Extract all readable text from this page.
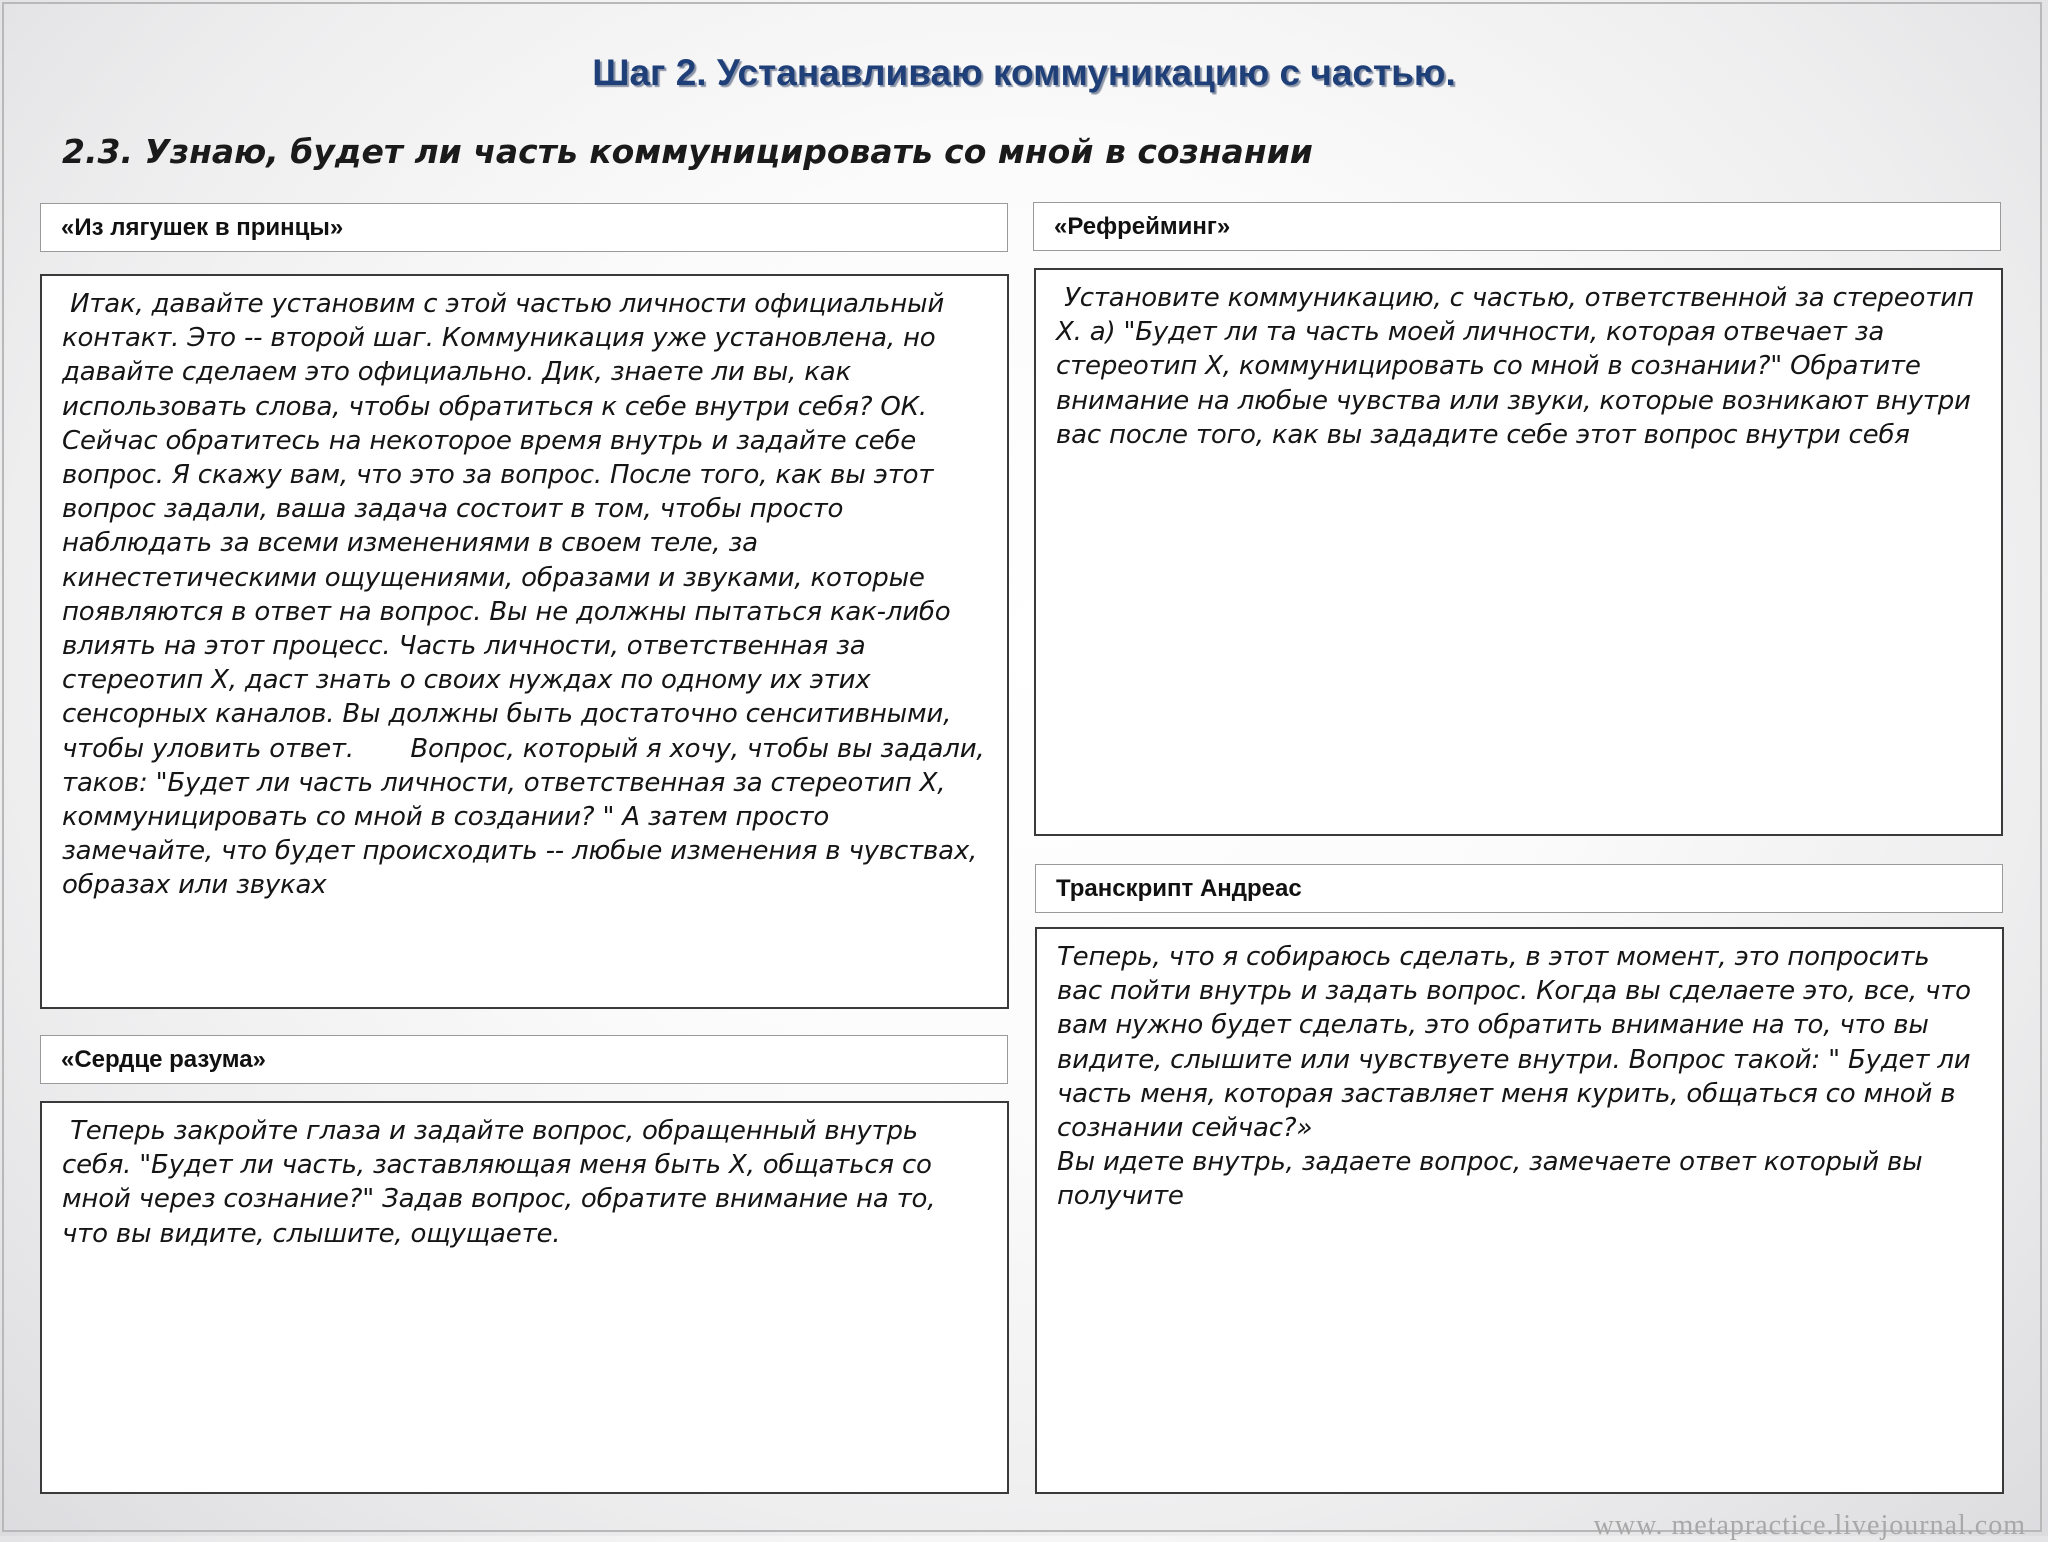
Шаг 2. Устанавливаю коммуникацию с частью.
2.3. Узнаю, будет ли часть коммуницировать со мной в сознании
«Из лягушек в принцы»
Итак, давайте установим с этой частью личности официальный контакт. Это -- второй шаг. Коммуникация уже установлена, но давайте сделаем это официально. Дик, знаете ли вы, как использовать слова, чтобы обратиться к себе внутри себя? ОК. Сейчас обратитесь на некоторое время внутрь и задайте себе вопрос. Я скажу вам, что это за вопрос. После того, как вы этот вопрос задали, ваша задача состоит в том, чтобы просто наблюдать за всеми изменениями в своем теле, за кинестетическими ощущениями, образами и звуками, которые появляются в ответ на вопрос. Вы не должны пытаться как-либо влиять на этот процесс. Часть личности, ответственная за стереотип X, даст знать о своих нуждах по одному их этих сенсорных каналов. Вы должны быть достаточно сенситивными, чтобы уловить ответ.       Вопрос, который я хочу, чтобы вы задали, таков: "Будет ли часть личности, ответственная за стереотип X, коммуницировать со мной в создании? " А затем просто замечайте, что будет происходить -- любые изменения в чувствах, образах или звуках
«Сердце разума»
Теперь закройте глаза и задайте вопрос, обращенный внутрь себя. "Будет ли часть, заставляющая меня быть X, общаться со мной через сознание?" Задав вопрос, обратите внимание на то, что вы видите, слышите, ощущаете.
«Рефрейминг»
Установите коммуникацию, с частью, ответственной за стереотип X. а) "Будет ли та часть моей личности, которая отвечает за стереотип X, коммуницировать со мной в сознании?" Обратите внимание на любые чувства или звуки, которые возникают внутри вас после того, как вы зададите себе этот вопрос внутри себя
Транскрипт Андреас
Теперь, что я собираюсь сделать, в этот момент, это попросить вас пойти внутрь и задать вопрос. Когда вы сделаете это, все, что вам нужно будет сделать, это обратить внимание на то, что вы видите, слышите или чувствуете внутри. Вопрос такой: " Будет ли часть меня, которая заставляет меня курить, общаться со мной в сознании сейчас?»
Вы идете внутрь, задаете вопрос, замечаете ответ который вы получите
www. metapractice.livejournal.com
